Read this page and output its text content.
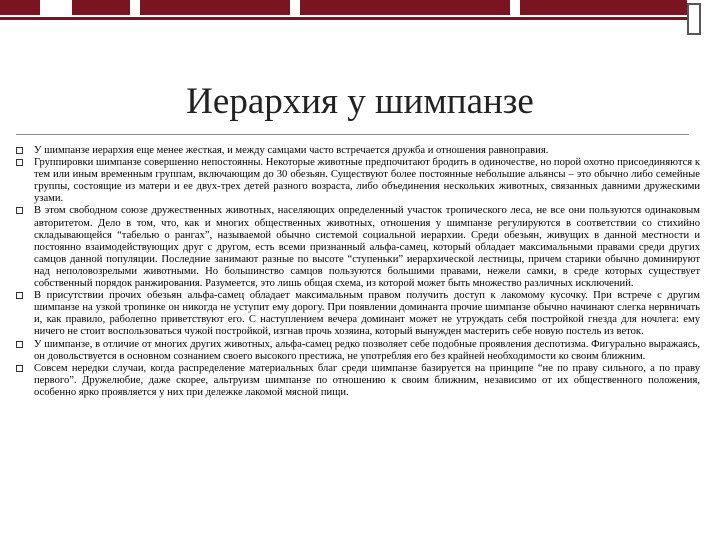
Иерархия у шимпанзе
У шимпанзе иерархия еще менее жесткая, и между самцами часто встречается дружба и отношения равноправия.
Группировки шимпанзе совершенно непостоянны. Некоторые животные предпочитают бродить в одиночестве, но порой охотно присоединяются к тем или иным временным группам, включающим до 30 обезьян. Существуют более постоянные небольшие альянсы – это обычно либо семейные группы, состоящие из матери и ее двух-трех детей разного возраста, либо объединения нескольких животных, связанных давними дружескими узами.
В этом свободном союзе дружественных животных, населяющих определенный участок тропического леса, не все они пользуются одинаковым авторитетом. Дело в том, что, как и многих общественных животных, отношения у шимпанзе регулируются в соответствии со стихийно складывающейся “табелью о рангах”, называемой обычно системой социальной иерархии. Среди обезьян, живущих в данной местности и постоянно взаимодействующих друг с другом, есть всеми признанный альфа-самец, который обладает максимальными правами среди других самцов данной популяции. Последние занимают разные по высоте “ступеньки” иерархической лестницы, причем старики обычно доминируют над неполовозрелыми животными. Но большинство самцов пользуются большими правами, нежели самки, в среде которых существует собственный порядок ранжирования. Разумеется, это лишь общая схема, из которой может быть множество различных исключений.
В присутствии прочих обезьян альфа-самец обладает максимальным правом получить доступ к лакомому кусочку. При встрече с другим шимпанзе на узкой тропинке он никогда не уступит ему дорогу. При появлении доминанта прочие шимпанзе обычно начинают слегка нервничать и, как правило, раболепно приветствуют его. С наступлением вечера доминант может не утруждать себя постройкой гнезда для ночлега: ему ничего не стоит воспользоваться чужой постройкой, изгнав прочь хозяина, который вынужден мастерить себе новую постель из веток.
У шимпанзе, в отличие от многих других животных, альфа-самец редко позволяет себе подобные проявления деспотизма. Фигурально выражаясь, он довольствуется в основном сознанием своего высокого престижа, не употребляя его без крайней необходимости ко своим ближним.
Совсем нередки случаи, когда распределение материальных благ среди шимпанзе базируется на принципе “не по праву сильного, а по праву первого”. Дружелюбие, даже скорее, альтруизм шимпанзе по отношению к своим ближним, независимо от их общественного положения, особенно ярко проявляется у них при дележке лакомой мясной пищи.
